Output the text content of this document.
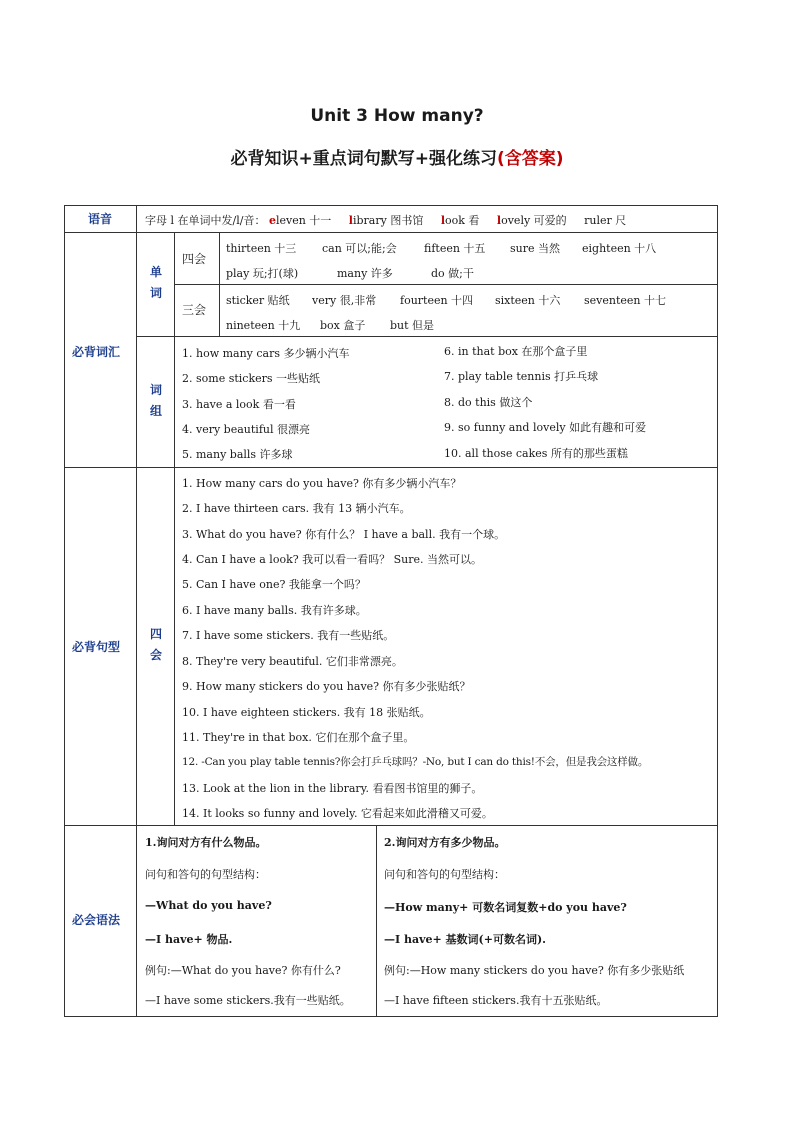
Unit 3 How many?
必背知识+重点词句默写+强化练习(含答案)
语音
必背词汇
必背句型
必会语法
单词
词组
四会
四会
三会
字母 l 在单词中发/l/音： eleven 十一 library 图书馆 look 看 lovely 可爱的 ruler 尺
thirteen 十三 can 可以;能;会 fifteen 十五 sure 当然 eighteen 十八
play 玩;打(球)	many 许多	do 做;干
sticker 贴纸 very 很,非常 fourteen 十四 sixteen 十六 seventeen 十七
nineteen 十九 box 盒子 but 但是
1. how many cars 多少辆小汽车
2. some stickers 一些贴纸
3. have a look 看一看
4. very beautiful 很漂亮
5. many balls 许多球
6. in that box 在那个盒子里
7. play table tennis 打乒乓球
8. do this 做这个
9. so funny and lovely 如此有趣和可爱
10. all those cakes 所有的那些蛋糕
1. How many cars do you have? 你有多少辆小汽车？
2. I have thirteen cars. 我有 13 辆小汽车。
3. What do you have? 你有什么？ I have a ball. 我有一个球。
4. Can I have a look? 我可以看一看吗？ Sure. 当然可以。
5. Can I have one? 我能拿一个吗？
6. I have many balls. 我有许多球。
7. I have some stickers. 我有一些贴纸。
8. They're very beautiful. 它们非常漂亮。
9. How many stickers do you have? 你有多少张贴纸？
10. I have eighteen stickers. 我有 18 张贴纸。
11. They're in that box. 它们在那个盒子里。
12. -Can you play table tennis?你会打乒乓球吗？-No, but I can do this!不会，但是我会这样做。
13. Look at the lion in the library. 看看图书馆里的狮子。
14. It looks so funny and lovely. 它看起来如此滑稽又可爱。
1.询问对方有什么物品。
问句和答句的句型结构：
—What do you have?
—I have+ 物品.
例句:—What do you have? 你有什么?
—I have some stickers.我有一些贴纸。
2.询问对方有多少物品。
问句和答句的句型结构：
—How many+ 可数名词复数+do you have?
—I have+ 基数词(+可数名词).
例句:—How many stickers do you have? 你有多少张贴纸
—I have fifteen stickers.我有十五张贴纸。
